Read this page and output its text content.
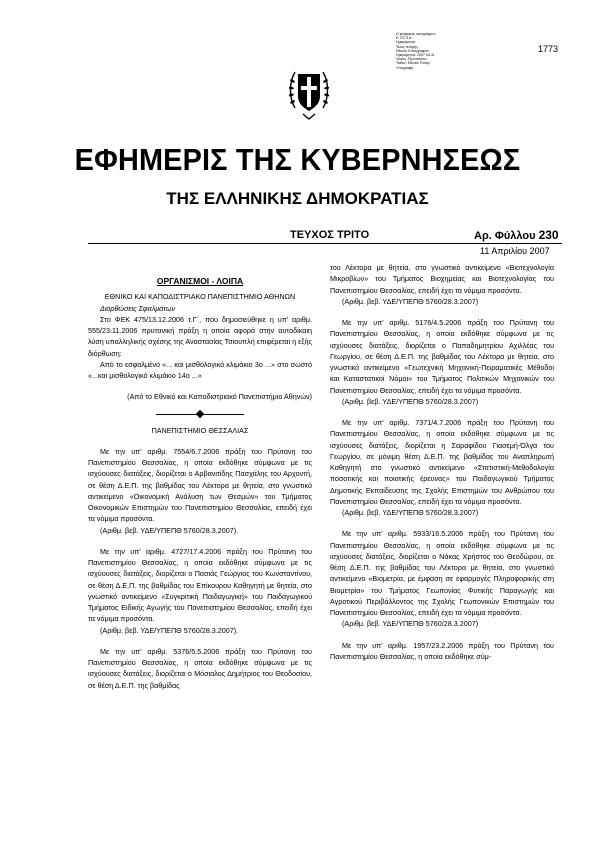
Ο ψηφιακός υπογράφων:
Ε.Τ.Ε.Π.Α
Ημερομηνία
Τέλος πλήρης
Εθνικό Τυπογραφείο
Ημερομηνία: 2007.04.11
Λόγος: Πρωτότυπο
Τόπος: Εθνικό Τυπογ.
Υπογραφή
1773
ΕΦΗΜΕΡΙΣ ΤΗΣ ΚΥΒΕΡΝΗΣΕΩΣ
ΤΗΣ ΕΛΛΗΝΙΚΗΣ ΔΗΜΟΚΡΑΤΙΑΣ
ΤΕΥΧΟΣ ΤΡΙΤΟ	Αρ. Φύλλου 230
11 Απριλίου 2007
ΟΡΓΑΝΙΣΜΟΙ - ΛΟΙΠΑ

ΕΘΝΙΚΟ ΚΑΙ ΚΑΠΟΔΙΣΤΡΙΑΚΟ ΠΑΝΕΠΙΣΤΗΜΙΟ ΑΘΗΝΩΝ

Διορθώσεις Σφαλμάτων

Στο ΦΕΚ 475/13.12.2006 τ.Γ΄, που δημοσιεύθηκε η υπ' αριθμ. 555/23.11.2006 πρυτανική πράξη η οποία αφορά στην αυτοδίκαιη λύση υπαλληλικής σχέσης της Αναστασίας Τσιουπλή επιφέρεται η εξής διόρθωση:

Από το εσφαλμένο «... και μισθολογικό κλιμάκιο 3ο ...» στο σωστό «...και μισθολογικό κλιμάκιο 14ο ...»

(Από το Εθνικό και Καποδιστριακό Πανεπιστήμιο Αθηνών)

ΠΑΝΕΠΙΣΤΗΜΙΟ ΘΕΣΣΑΛΙΑΣ

Με την υπ' αριθμ. 7554/6.7.2006 πράξη του Πρύτανη του Πανεπιστημίου Θεσσαλίας, η οποία εκδόθηκε σύμφωνα με τις ισχύουσες διατάξεις, διορίζεται ο Αρβανιτίδης Πασχάλης του Αρχοντή, σε θέση Δ.Ε.Π. της βαθμίδας του Λέκτορα με θητεία, στο γνωστικό αντικείμενο «Οικονομική Ανάλυση των Θεσμών» του Τμήματος Οικονομικών Επιστημών του Πανεπιστημίου Θεσσαλίας, επειδή έχει τα νόμιμα προσόντα.

(Αριθμ. βεβ. ΥΔΕ/ΥΠΕΠΘ 5760/28.3.2007).

Με την υπ' αριθμ. 4727/17.4.2006 πράξη του Πρύτανη του Πανεπιστημίου Θεσσαλίας, η οποία εκδόθηκε σύμφωνα με τις ισχύουσες διατάξεις, διορίζεται ο Πασιάς Γεώργιος του Κωνσταντίνου, σε θέση Δ.Ε.Π. της βαθμίδας του Επίκουρου Καθηγητή με θητεία, στο γνωστικό αντικείμενο «Συγκριτική Παιδαγωγική» του Παιδαγωγικού Τμήματος Ειδικής Αγωγής του Πανεπιστημίου Θεσσαλίας, επειδή έχει τα νόμιμα προσόντα.

(Αριθμ. βεβ. ΥΔΕ/ΥΠΕΠΘ 5760/28.3.2007).

Με την υπ' αριθμ. 5376/5.5.2006 πράξη του Πρύτανη του Πανεπιστημίου Θεσσαλίας, η οποία εκδόθηκε σύμφωνα με τις ισχύουσες διατάξεις, διορίζεται ο Μόσιαλος Δημήτριος του Θεοδοσίου, σε θέση Δ.Ε.Π. της βαθμίδας

του Λέκτορα με θητεία, στο γνωστικό αντικείμενο «Βιοτεχνολογία Μικροβίων» του Τμήματος Βιοχημείας και Βιοτεχνολογίας του Πανεπιστημίου Θεσσαλίας, επειδή έχει τα νόμιμα προσόντα.

(Αριθμ. βεβ. ΥΔΕ/ΥΠΕΠΘ 5760/28.3.2007)

Με την υπ' αριθμ. 5176/4.5.2006 πράξη του Πρύτανη του Πανεπιστημίου Θεσσαλίας, η οποία εκδόθηκε σύμφωνα με τις ισχύουσες διατάξεις, διορίζεται ο Παπαδημητρίου Αχιλλέας του Γεωργίου, σε θέση Δ.Ε.Π. της βαθμίδας του Λέκτορα με θητεία, στο γνωστικό αντικείμενο «Γεωτεχνική Μηχανική-Πειραματικές Μέθοδοι και Καταστατικοί Νόμοι» του Τμήματος Πολιτικών Μηχανικών του Πανεπιστημίου Θεσσαλίας, επειδή έχει τα νόμιμα προσόντα.

(Αριθμ. βεβ. ΥΔΕ/ΥΠΕΠΘ 5760/28.3.2007)

Με την υπ' αριθμ. 7371/4.7.2006 πράξη του Πρύτανη του Πανεπιστημίου Θεσσαλίας, η οποία εκδόθηκε σύμφωνα με τις ισχύουσες διατάξεις, διορίζεται η Σαραφίδου Γιασεμή-Όλγα του Γεωργίου, σε μόνιμη θέση Δ.Ε.Π. της βαθμίδας του Αναπληρωτή Καθηγητή στο γνωστικό αντικείμενο «Στατιστική-Μεθοδολογία ποσοτικής και ποιοτικής έρευνας» του Παιδαγωγικού Τμήματος Δημοτικής Εκπαίδευσης της Σχολής Επιστημών του Ανθρώπου του Πανεπιστημίου Θεσσαλίας, επειδή έχει τα νόμιμα προσόντα.

(Αριθμ. βεβ. ΥΔΕ/ΥΠΕΠΘ 5760/28.3.2007)

Με την υπ' αριθμ. 5933/16.5.2006 πράξη του Πρύτανη του Πανεπιστημίου Θεσσαλίας, η οποία εκδόθηκε σύμφωνα με τις ισχύουσες διατάξεις, διορίζεται ο Νάκας Χρήστος του Θεοδώρου, σε θέση Δ.Ε.Π. της βαθμίδας του Λέκτορα με θητεία, στο γνωστικό αντικείμενο «Βιομετρία, με έμφαση σε εφαρμογές Πληροφορικής στη Βιομετρία» του Τμήματος Γεωπονίας Φυτικής Παραγωγής και Αγροτικού Περιβάλλοντος της Σχολής Γεωπονικών Επιστημών του Πανεπιστημίου Θεσσαλίας, επειδή έχει τα νόμιμα προσόντα.

(Αριθμ. βεβ. ΥΔΕ/ΥΠΕΠΘ 5760/28.3.2007)

Με την υπ' αριθμ. 1957/23.2.2006 πράξη του Πρύτανη του Πανεπιστημίου Θεσσαλίας, η οποία εκδόθηκε σύμ-
